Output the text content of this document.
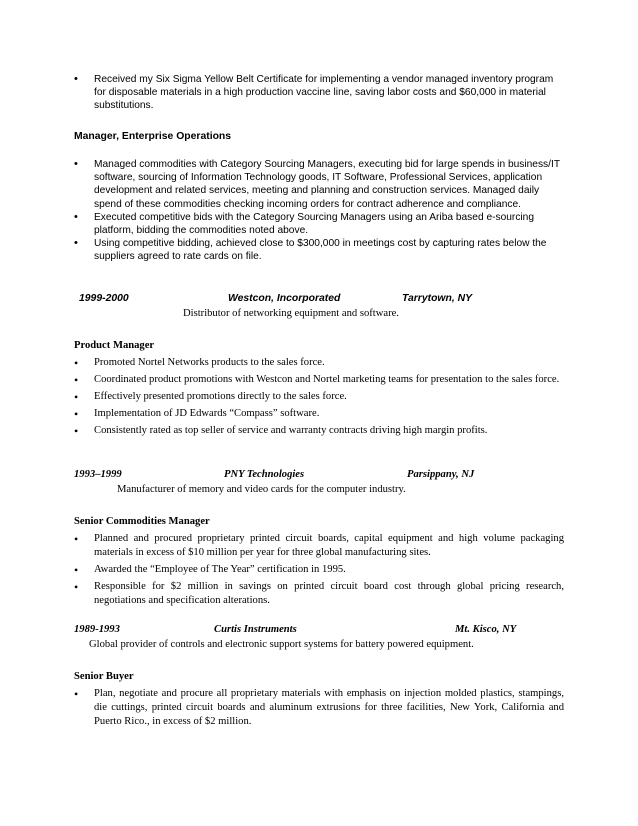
• Received my Six Sigma Yellow Belt Certificate for implementing a vendor managed inventory program for disposable materials in a high production vaccine line, saving labor costs and $60,000 in material substitutions.
Manager, Enterprise Operations
• Managed commodities with Category Sourcing Managers, executing bid for large spends in business/IT software, sourcing of Information Technology goods, IT Software, Professional Services, application development and related services, meeting and planning and construction services. Managed daily spend of these commodities checking incoming orders for contract adherence and compliance.
• Executed competitive bids with the Category Sourcing Managers using an Ariba based e-sourcing platform, bidding the commodities noted above.
• Using competitive bidding, achieved close to $300,000 in meetings cost by capturing rates below the suppliers agreed to rate cards on file.
1999-2000	Westcon, Incorporated	Tarrytown, NY
Distributor of networking equipment and software.
Product Manager
• Promoted Nortel Networks products to the sales force.
• Coordinated product promotions with Westcon and Nortel marketing teams for presentation to the sales force.
• Effectively presented promotions directly to the sales force.
• Implementation of JD Edwards “Compass” software.
• Consistently rated as top seller of service and warranty contracts driving high margin profits.
1993–1999	PNY Technologies	Parsippany, NJ
Manufacturer of memory and video cards for the computer industry.
Senior Commodities Manager
• Planned and procured proprietary printed circuit boards, capital equipment and high volume packaging materials in excess of $10 million per year for three global manufacturing sites.
• Awarded the “Employee of The Year” certification in 1995.
• Responsible for $2 million in savings on printed circuit board cost through global pricing research, negotiations and specification alterations.
1989-1993	Curtis Instruments	Mt. Kisco, NY
Global provider of controls and electronic support systems for battery powered equipment.
Senior Buyer
• Plan, negotiate and procure all proprietary materials with emphasis on injection molded plastics, stampings, die cuttings, printed circuit boards and aluminum extrusions for three facilities, New York, California and Puerto Rico., in excess of $2 million.
